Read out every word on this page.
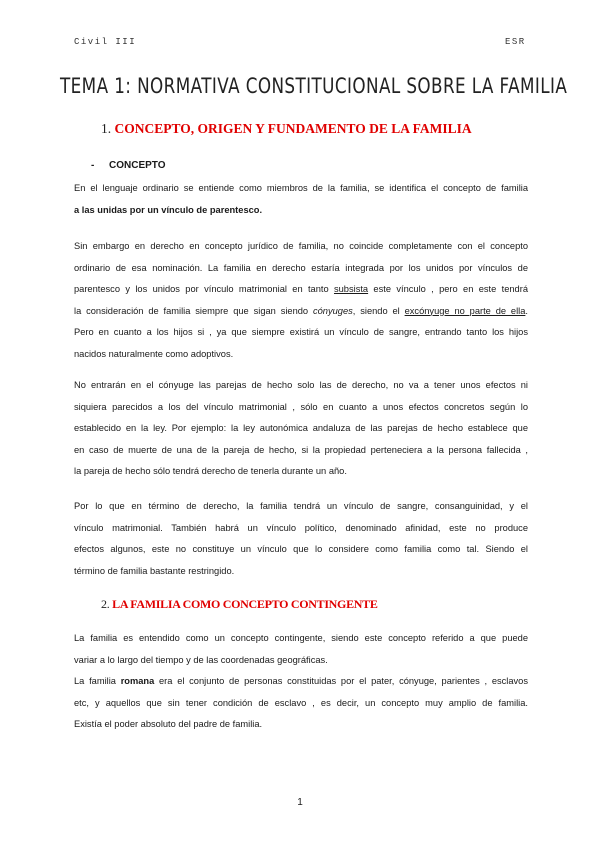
Civil III	ESR
TEMA 1: NORMATIVA CONSTITUCIONAL SOBRE LA FAMILIA
1. CONCEPTO, ORIGEN Y FUNDAMENTO DE LA FAMILIA
- CONCEPTO
En el lenguaje ordinario se entiende como miembros de la familia, se identifica el concepto de familia
a las unidas por un vínculo de parentesco.
Sin embargo en derecho en concepto jurídico de familia, no coincide completamente con el concepto
ordinario de esa nominación. La familia en derecho estaría integrada por los unidos por vínculos de
parentesco y los unidos por vínculo matrimonial en tanto subsista este vínculo , pero en este tendrá
la consideración de familia siempre que sigan siendo cónyuges, siendo el excónyuge no parte de ella.
Pero en cuanto a los hijos si , ya que siempre existirá un vínculo de sangre, entrando tanto los hijos
nacidos naturalmente como adoptivos.
No entrarán en el cónyuge las parejas de hecho solo las de derecho, no va a tener unos efectos ni
siquiera parecidos a los del vínculo matrimonial , sólo en cuanto a unos efectos concretos según lo
establecido en la ley. Por ejemplo: la ley autonómica andaluza de las parejas de hecho establece que
en caso de muerte de una de la pareja de hecho, si la propiedad perteneciera a la persona fallecida ,
la pareja de hecho sólo tendrá derecho de tenerla durante un año.
Por lo que en término de derecho, la familia tendrá un vínculo de sangre, consanguinidad, y el
vínculo matrimonial. También habrá un vínculo político, denominado afinidad, este no produce
efectos algunos, este no constituye un vínculo que lo considere como familia como tal. Siendo el
término de familia bastante restringido.
2. LA FAMILIA COMO CONCEPTO CONTINGENTE
La familia es entendido como un concepto contingente, siendo este concepto referido a que puede
variar a lo largo del tiempo y de las coordenadas geográficas.
La familia romana era el conjunto de personas constituidas por el pater, cónyuge, parientes , esclavos
etc, y aquellos que sin tener condición de esclavo , es decir, un concepto muy amplio de familia.
Existía el poder absoluto del padre de familia.
1
